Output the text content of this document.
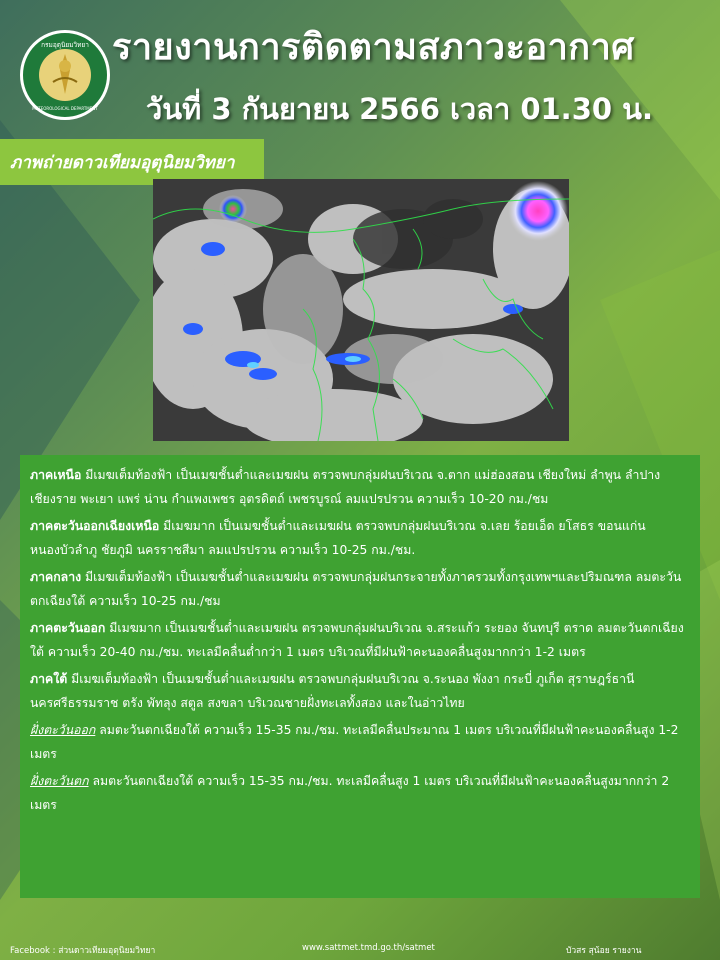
กรมอุตุนิยมวิทยา
METEOROLOGICAL DEPARTMENT
รายงานการติดตามสภาวะอากาศ
วันที่ 3 กันยายน 2566 เวลา 01.30 น.
ภาพถ่ายดาวเทียมอุตุนิยมวิทยา

ภาคเหนือ มีเมฆเต็มท้องฟ้า เป็นเมฆชั้นต่ำและเมฆฝน ตรวจพบกลุ่มฝนบริเวณ จ.ตาก แม่ฮ่องสอน เชียงใหม่ ลำพูน ลำปาง เชียงราย พะเยา แพร่ น่าน กำแพงเพชร อุตรดิตถ์ เพชรบูรณ์ ลมแปรปรวน ความเร็ว 10-20 กม./ชม

ภาคตะวันออกเฉียงเหนือ มีเมฆมาก เป็นเมฆชั้นต่ำและเมฆฝน ตรวจพบกลุ่มฝนบริเวณ จ.เลย ร้อยเอ็ด ยโสธร ขอนแก่น หนองบัวลำภู ชัยภูมิ นครราชสีมา ลมแปรปรวน ความเร็ว 10-25 กม./ชม.

ภาคกลาง มีเมฆเต็มท้องฟ้า เป็นเมฆชั้นต่ำและเมฆฝน ตรวจพบกลุ่มฝนกระจายทั้งภาครวมทั้งกรุงเทพฯและปริมณฑล ลมตะวันตกเฉียงใต้ ความเร็ว 10-25 กม./ชม

ภาคตะวันออก มีเมฆมาก เป็นเมฆชั้นต่ำและเมฆฝน ตรวจพบกลุ่มฝนบริเวณ จ.สระแก้ว ระยอง จันทบุรี ตราด ลมตะวันตกเฉียงใต้ ความเร็ว 20-40 กม./ชม. ทะเลมีคลื่นต่ำกว่า 1 เมตร บริเวณที่มีฝนฟ้าคะนองคลื่นสูงมากกว่า 1-2 เมตร

ภาคใต้ มีเมฆเต็มท้องฟ้า เป็นเมฆชั้นต่ำและเมฆฝน ตรวจพบกลุ่มฝนบริเวณ จ.ระนอง พังงา กระบี่ ภูเก็ต สุราษฎร์ธานี นครศรีธรรมราช ตรัง พัทลุง สตูล สงขลา บริเวณชายฝั่งทะเลทั้งสอง และในอ่าวไทย

ฝั่งตะวันออก ลมตะวันตกเฉียงใต้ ความเร็ว 15-35 กม./ชม. ทะเลมีคลื่นประมาณ 1 เมตร บริเวณที่มีฝนฟ้าคะนองคลื่นสูง 1-2 เมตร

ฝั่งตะวันตก ลมตะวันตกเฉียงใต้ ความเร็ว 15-35 กม./ชม. ทะเลมีคลื่นสูง 1 เมตร บริเวณที่มีฝนฟ้าคะนองคลื่นสูงมากกว่า 2 เมตร

Facebook : ส่วนดาวเทียมอุตุนิยมวิทยา	www.sattmet.tmd.go.th/satmet	บัวสร สุน้อย รายงาน
